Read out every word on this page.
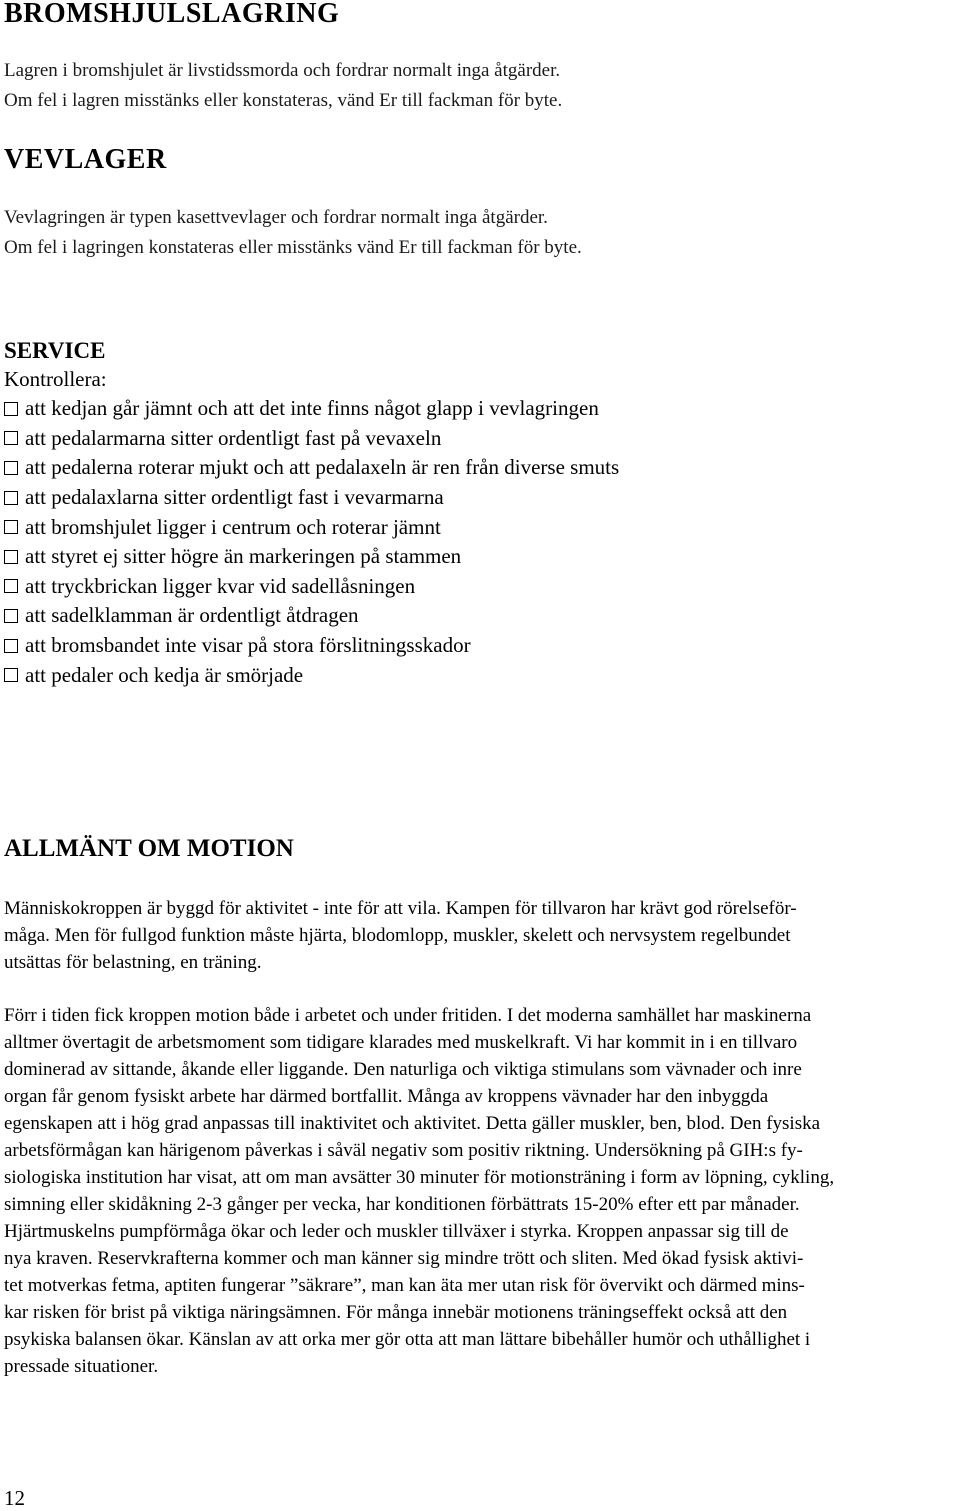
BROMSHJULSLAGRING
Lagren i bromshjulet är livstidssmorda och fordrar normalt inga åtgärder.
Om fel i lagren misstänks eller konstateras, vänd Er till fackman för byte.
VEVLAGER
Vevlagringen är typen kasettvevlager och fordrar normalt inga åtgärder.
Om fel i lagringen konstateras eller misstänks vänd Er till fackman för byte.
SERVICE
Kontrollera:
att kedjan går jämnt och att det inte finns något glapp i vevlagringen
att pedalarmarna sitter ordentligt fast på vevaxeln
att pedalerna roterar mjukt och att pedalaxeln är ren från diverse smuts
att pedalaxlarna sitter ordentligt fast i vevarmarna
att bromshjulet ligger i centrum och roterar jämnt
att styret ej sitter högre än markeringen på stammen
att tryckbrickan ligger kvar vid sadellåsningen
att sadelklamman är ordentligt åtdragen
att bromsbandet inte visar på stora förslitningsskador
att pedaler och kedja är smörjade
ALLMÄNT OM MOTION
Människokroppen är byggd för aktivitet - inte för att vila. Kampen för tillvaron har krävt god rörelseför-
måga. Men för fullgod funktion måste hjärta, blodomlopp, muskler, skelett och nervsystem regelbundet
utsättas för belastning, en träning.
Förr i tiden fick kroppen motion både i arbetet och under fritiden. I det moderna samhället har maskinerna
alltmer övertagit de arbetsmoment som tidigare klarades med muskelkraft. Vi har kommit in i en tillvaro
dominerad av sittande, åkande eller liggande. Den naturliga och viktiga stimulans som vävnader och inre
organ får genom fysiskt arbete har därmed bortfallit. Många av kroppens vävnader har den inbyggda
egenskapen att i hög grad anpassas till inaktivitet och aktivitet. Detta gäller muskler, ben, blod. Den fysiska
arbetsförmågan kan härigenom påverkas i såväl negativ som positiv riktning. Undersökning på GIH:s fy-
siologiska institution har visat, att om man avsätter 30 minuter för motionsträning i form av löpning, cykling,
simning eller skidåkning 2-3 gånger per vecka, har konditionen förbättrats 15-20% efter ett par månader.
Hjärtmuskelns pumpförmåga ökar och leder och muskler tillväxer i styrka. Kroppen anpassar sig till de
nya kraven. Reservkrafterna kommer och man känner sig mindre trött och sliten. Med ökad fysisk aktivi-
tet motverkas fetma, aptiten fungerar ”säkrare”, man kan äta mer utan risk för övervikt och därmed mins-
kar risken för brist på viktiga näringsämnen. För många innebär motionens träningseffekt också att den
psykiska balansen ökar. Känslan av att orka mer gör otta att man lättare bibehåller humör och uthållighet i
pressade situationer.
12
